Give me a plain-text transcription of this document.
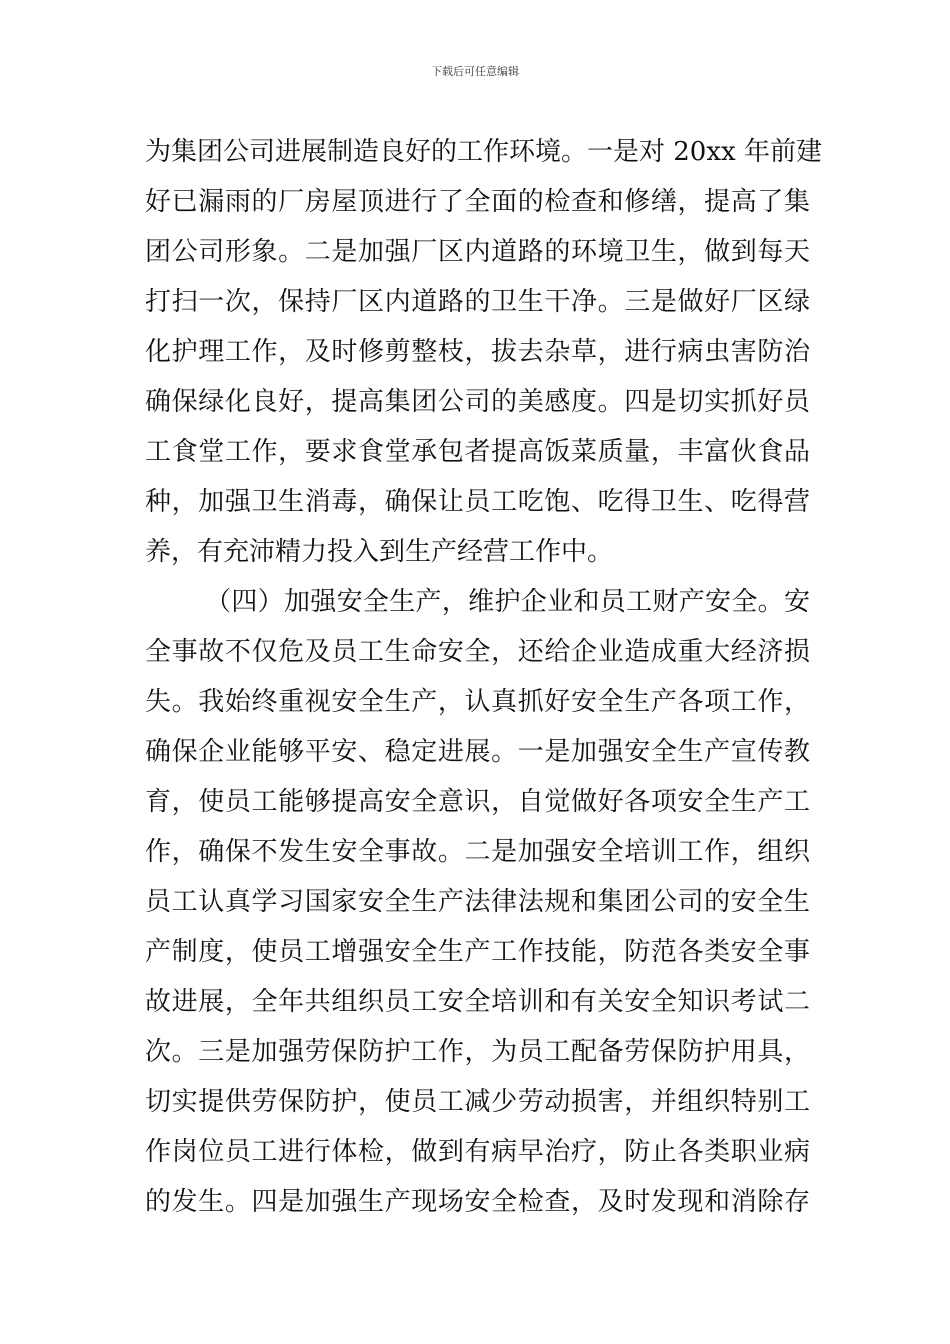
下载后可任意编辑
为集团公司进展制造良好的工作环境。一是对 20xx 年前建
好已漏雨的厂房屋顶进行了全面的检查和修缮，提高了集
团公司形象。二是加强厂区内道路的环境卫生，做到每天
打扫一次，保持厂区内道路的卫生干净。三是做好厂区绿
化护理工作，及时修剪整枝，拔去杂草，进行病虫害防治
确保绿化良好，提高集团公司的美感度。四是切实抓好员
工食堂工作，要求食堂承包者提高饭菜质量，丰富伙食品
种，加强卫生消毒，确保让员工吃饱、吃得卫生、吃得营
养，有充沛精力投入到生产经营工作中。
（四）加强安全生产，维护企业和员工财产安全。安
全事故不仅危及员工生命安全，还给企业造成重大经济损
失。我始终重视安全生产，认真抓好安全生产各项工作，
确保企业能够平安、稳定进展。一是加强安全生产宣传教
育，使员工能够提高安全意识，自觉做好各项安全生产工
作，确保不发生安全事故。二是加强安全培训工作，组织
员工认真学习国家安全生产法律法规和集团公司的安全生
产制度，使员工增强安全生产工作技能，防范各类安全事
故进展，全年共组织员工安全培训和有关安全知识考试二
次。三是加强劳保防护工作，为员工配备劳保防护用具，
切实提供劳保防护，使员工减少劳动损害，并组织特别工
作岗位员工进行体检，做到有病早治疗，防止各类职业病
的发生。四是加强生产现场安全检查，及时发现和消除存
